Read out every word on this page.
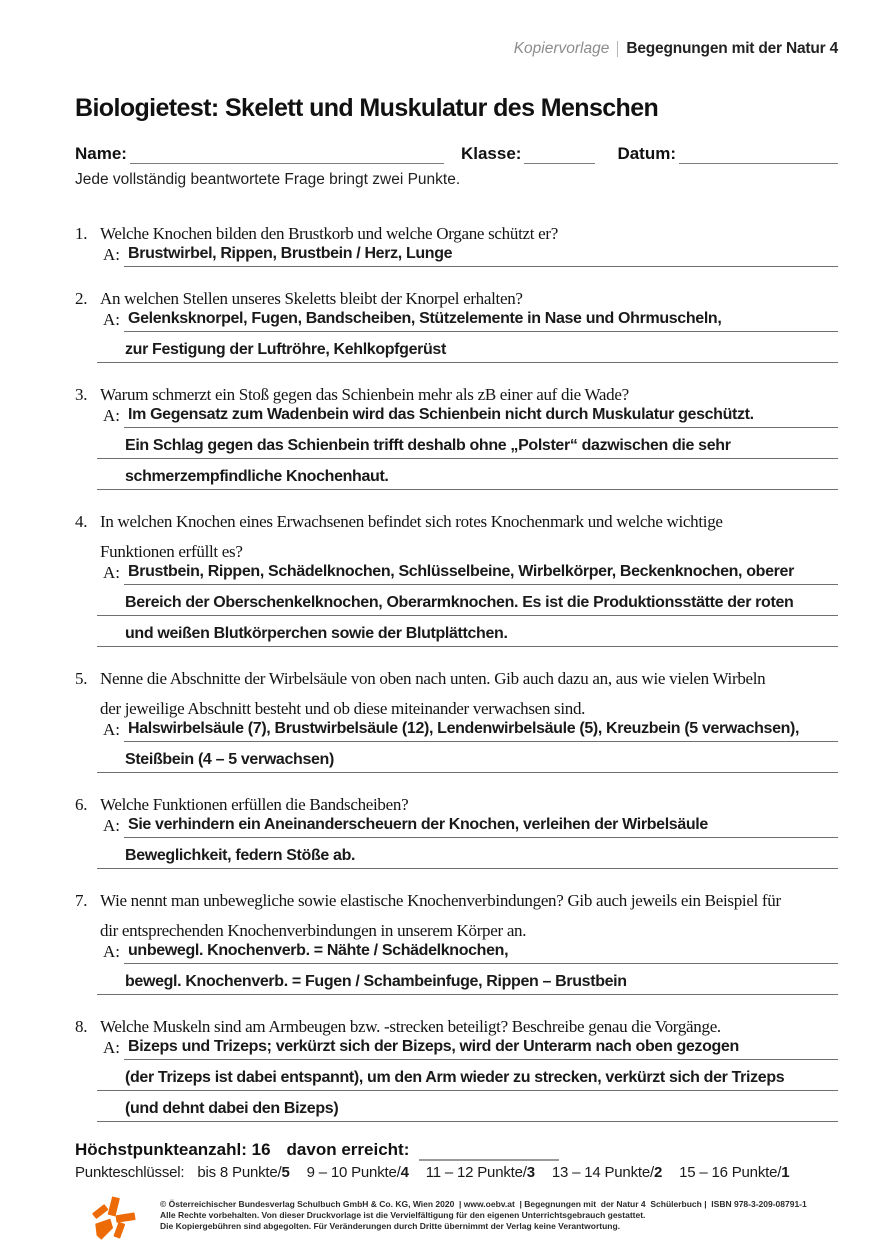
Kopiervorlage Begegnungen mit der Natur 4
Biologietest: Skelett und Muskulatur des Menschen
Name:	Klasse:	Datum:
Jede vollständig beantwortete Frage bringt zwei Punkte.
1. Welche Knochen bilden den Brustkorb und welche Organe schützt er?
A: Brustwirbel, Rippen, Brustbein / Herz, Lunge
2. An welchen Stellen unseres Skeletts bleibt der Knorpel erhalten?
A: Gelenksknorpel, Fugen, Bandscheiben, Stützelemente in Nase und Ohrmuscheln,
zur Festigung der Luftröhre, Kehlkopfgerüst
3. Warum schmerzt ein Stoß gegen das Schienbein mehr als zB einer auf die Wade?
A: Im Gegensatz zum Wadenbein wird das Schienbein nicht durch Muskulatur geschützt.
Ein Schlag gegen das Schienbein trifft deshalb ohne „Polster“ dazwischen die sehr
schmerzempfindliche Knochenhaut.
4. In welchen Knochen eines Erwachsenen befindet sich rotes Knochenmark und welche wichtige
Funktionen erfüllt es?
A: Brustbein, Rippen, Schädelknochen, Schlüsselbeine, Wirbelkörper, Beckenknochen, oberer
Bereich der Oberschenkelknochen, Oberarmknochen. Es ist die Produktionsstätte der roten
und weißen Blutkörperchen sowie der Blutplättchen.
5. Nenne die Abschnitte der Wirbelsäule von oben nach unten. Gib auch dazu an, aus wie vielen Wirbeln
der jeweilige Abschnitt besteht und ob diese miteinander verwachsen sind.
A: Halswirbelsäule (7), Brustwirbelsäule (12), Lendenwirbelsäule (5), Kreuzbein (5 verwachsen),
Steißbein (4 – 5 verwachsen)
6. Welche Funktionen erfüllen die Bandscheiben?
A: Sie verhindern ein Aneinanderscheuern der Knochen, verleihen der Wirbelsäule
Beweglichkeit, federn Stöße ab.
7. Wie nennt man unbewegliche sowie elastische Knochenverbindungen? Gib auch jeweils ein Beispiel für
dir entsprechenden Knochenverbindungen in unserem Körper an.
A: unbewegl. Knochenverb. = Nähte / Schädelknochen,
bewegl. Knochenverb. = Fugen / Schambeinfuge, Rippen – Brustbein
8. Welche Muskeln sind am Armbeugen bzw. -strecken beteiligt? Beschreibe genau die Vorgänge.
A: Bizeps und Trizeps; verkürzt sich der Bizeps, wird der Unterarm nach oben gezogen
(der Trizeps ist dabei entspannt), um den Arm wieder zu strecken, verkürzt sich der Trizeps
(und dehnt dabei den Bizeps)
Höchstpunkteanzahl: 16 davon erreicht:
Punkteschlüssel: bis 8 Punkte/5 9 – 10 Punkte/4 11 – 12 Punkte/3 13 – 14 Punkte/2 15 – 16 Punkte/1
© Österreichischer Bundesverlag Schulbuch GmbH & Co. KG, Wien 2020  | www.oebv.at  | Begegnungen mit  der Natur 4  Schülerbuch |  ISBN 978-3-209-08791-1
Alle Rechte vorbehalten. Von dieser Druckvorlage ist die Vervielfältigung für den eigenen Unterrichtsgebrauch gestattet.
Die Kopiergebühren sind abgegolten. Für Veränderungen durch Dritte übernimmt der Verlag keine Verantwortung.
